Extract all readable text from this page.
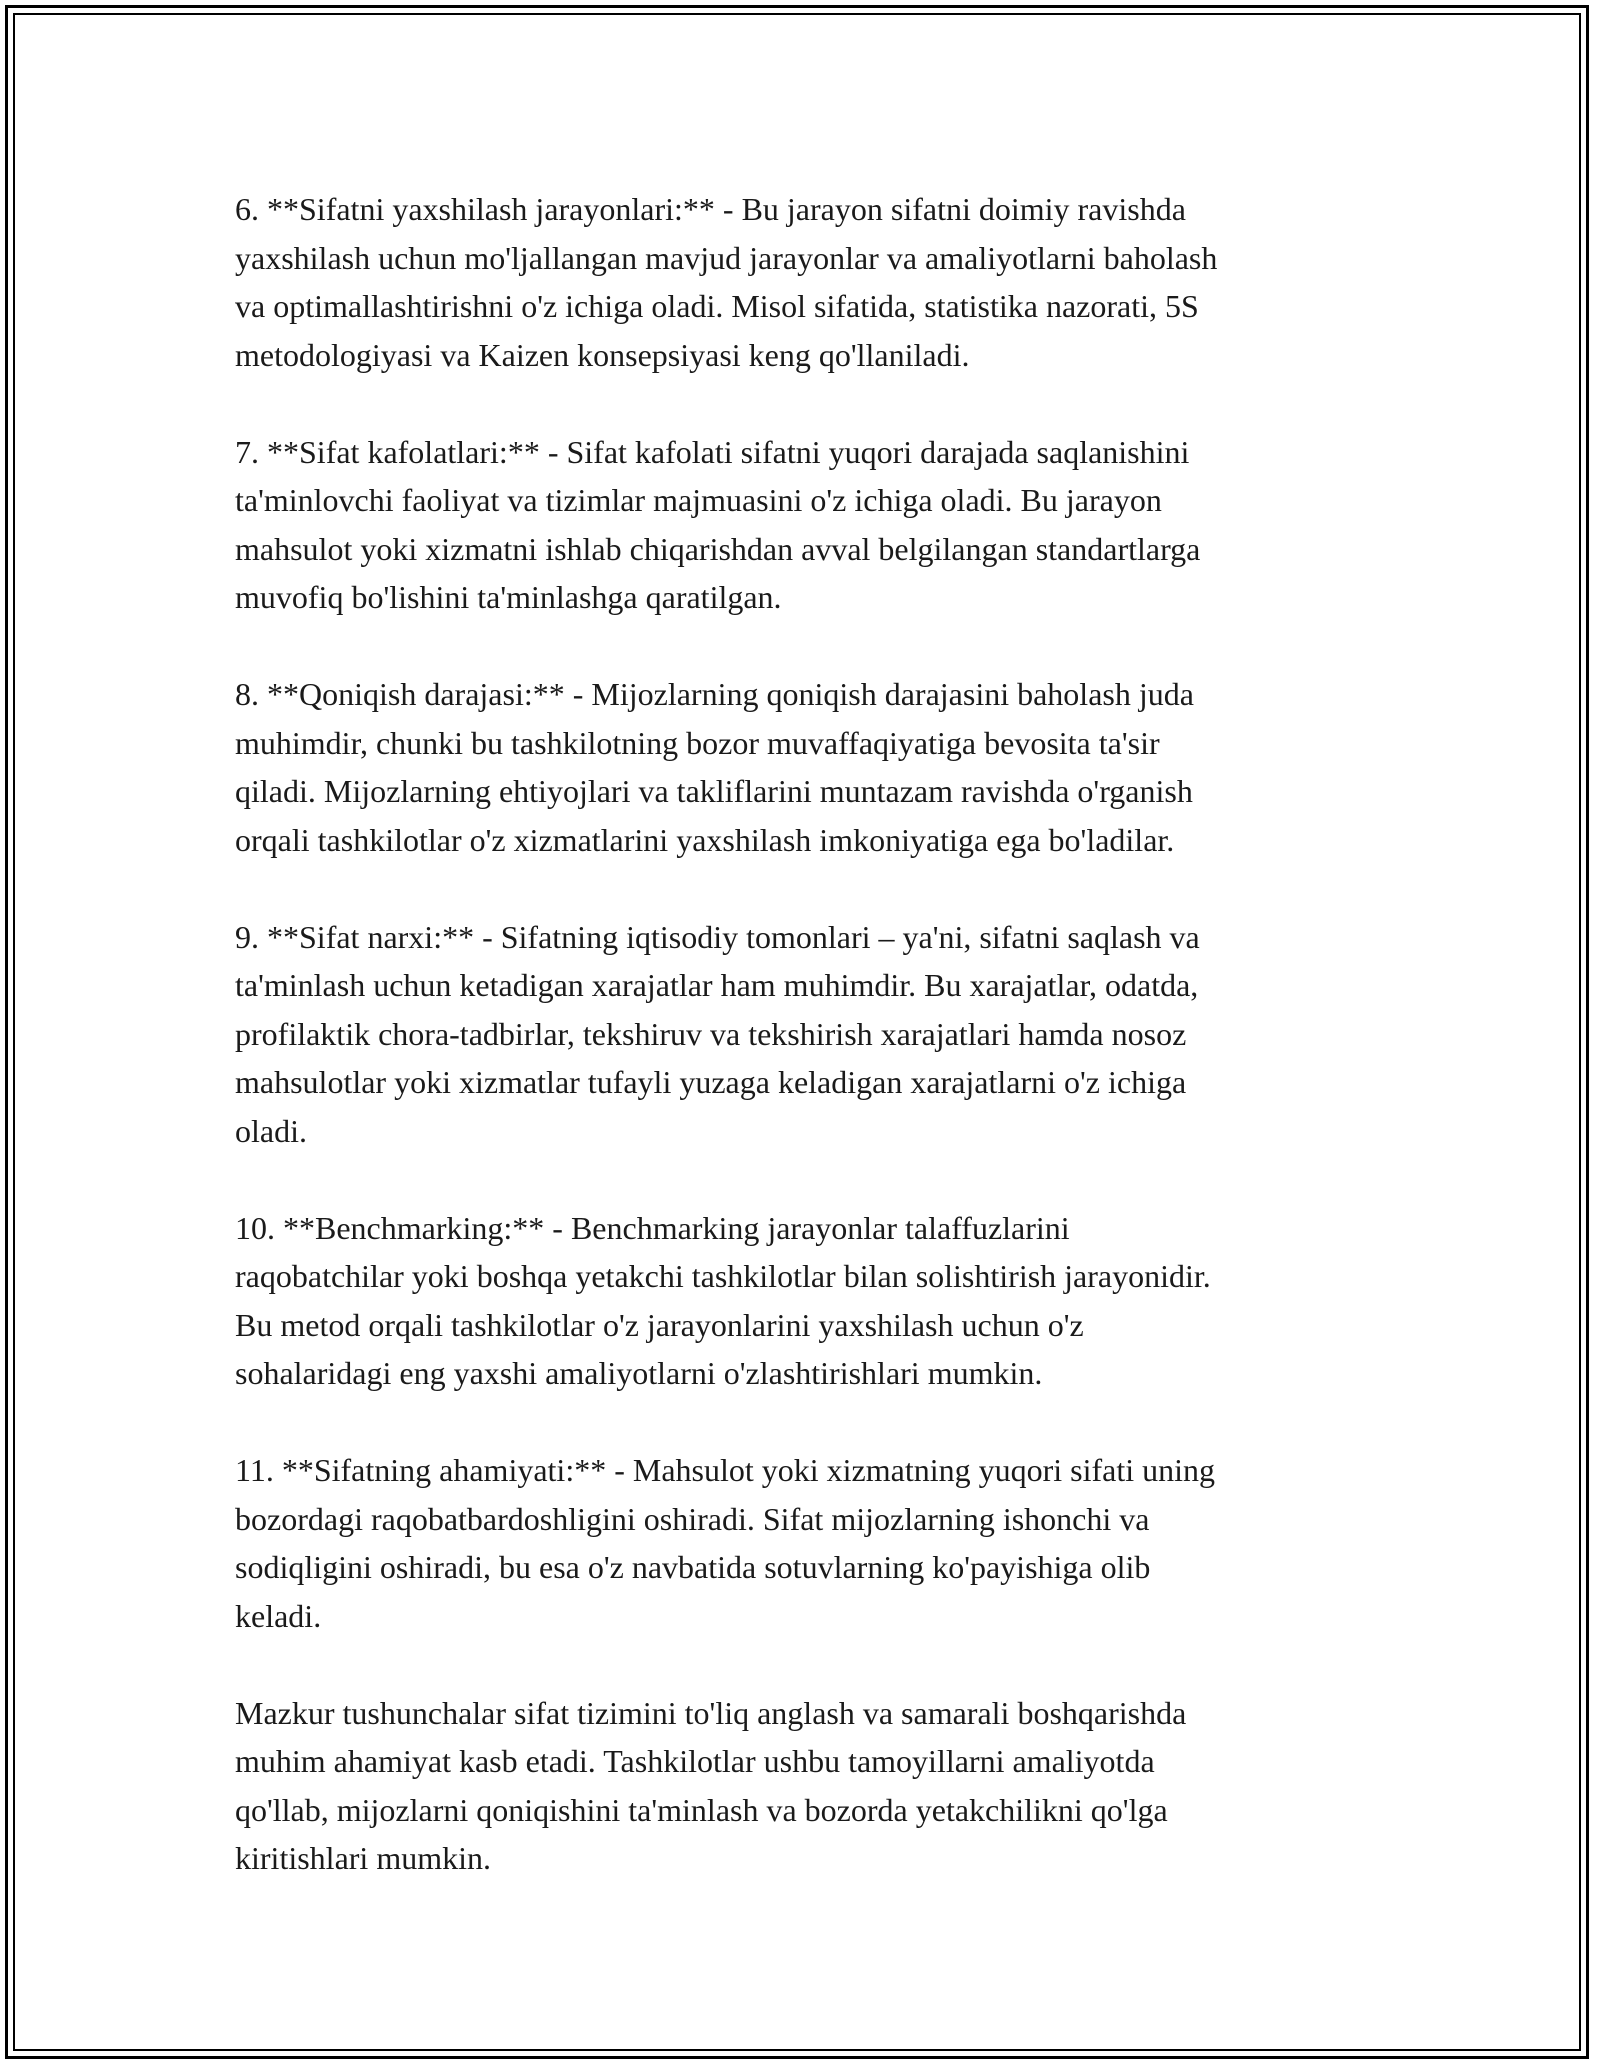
6. **Sifatni yaxshilash jarayonlari:** - Bu jarayon sifatni doimiy ravishda
yaxshilash uchun mo'ljallangan mavjud jarayonlar va amaliyotlarni baholash
va optimallashtirishni o'z ichiga oladi. Misol sifatida, statistika nazorati, 5S
metodologiyasi va Kaizen konsepsiyasi keng qo'llaniladi.

7. **Sifat kafolatlari:** - Sifat kafolati sifatni yuqori darajada saqlanishini
ta'minlovchi faoliyat va tizimlar majmuasini o'z ichiga oladi. Bu jarayon
mahsulot yoki xizmatni ishlab chiqarishdan avval belgilangan standartlarga
muvofiq bo'lishini ta'minlashga qaratilgan.

8. **Qoniqish darajasi:** - Mijozlarning qoniqish darajasini baholash juda
muhimdir, chunki bu tashkilotning bozor muvaffaqiyatiga bevosita ta'sir
qiladi. Mijozlarning ehtiyojlari va takliflarini muntazam ravishda o'rganish
orqali tashkilotlar o'z xizmatlarini yaxshilash imkoniyatiga ega bo'ladilar.

9. **Sifat narxi:** - Sifatning iqtisodiy tomonlari – ya'ni, sifatni saqlash va
ta'minlash uchun ketadigan xarajatlar ham muhimdir. Bu xarajatlar, odatda,
profilaktik chora-tadbirlar, tekshiruv va tekshirish xarajatlari hamda nosoz
mahsulotlar yoki xizmatlar tufayli yuzaga keladigan xarajatlarni o'z ichiga
oladi.

10. **Benchmarking:** - Benchmarking jarayonlar talaffuzlarini
raqobatchilar yoki boshqa yetakchi tashkilotlar bilan solishtirish jarayonidir.
Bu metod orqali tashkilotlar o'z jarayonlarini yaxshilash uchun o'z
sohalaridagi eng yaxshi amaliyotlarni o'zlashtirishlari mumkin.

11. **Sifatning ahamiyati:** - Mahsulot yoki xizmatning yuqori sifati uning
bozordagi raqobatbardoshligini oshiradi. Sifat mijozlarning ishonchi va
sodiqligini oshiradi, bu esa o'z navbatida sotuvlarning ko'payishiga olib
keladi.

Mazkur tushunchalar sifat tizimini to'liq anglash va samarali boshqarishda
muhim ahamiyat kasb etadi. Tashkilotlar ushbu tamoyillarni amaliyotda
qo'llab, mijozlarni qoniqishini ta'minlash va bozorda yetakchilikni qo'lga
kiritishlari mumkin.
